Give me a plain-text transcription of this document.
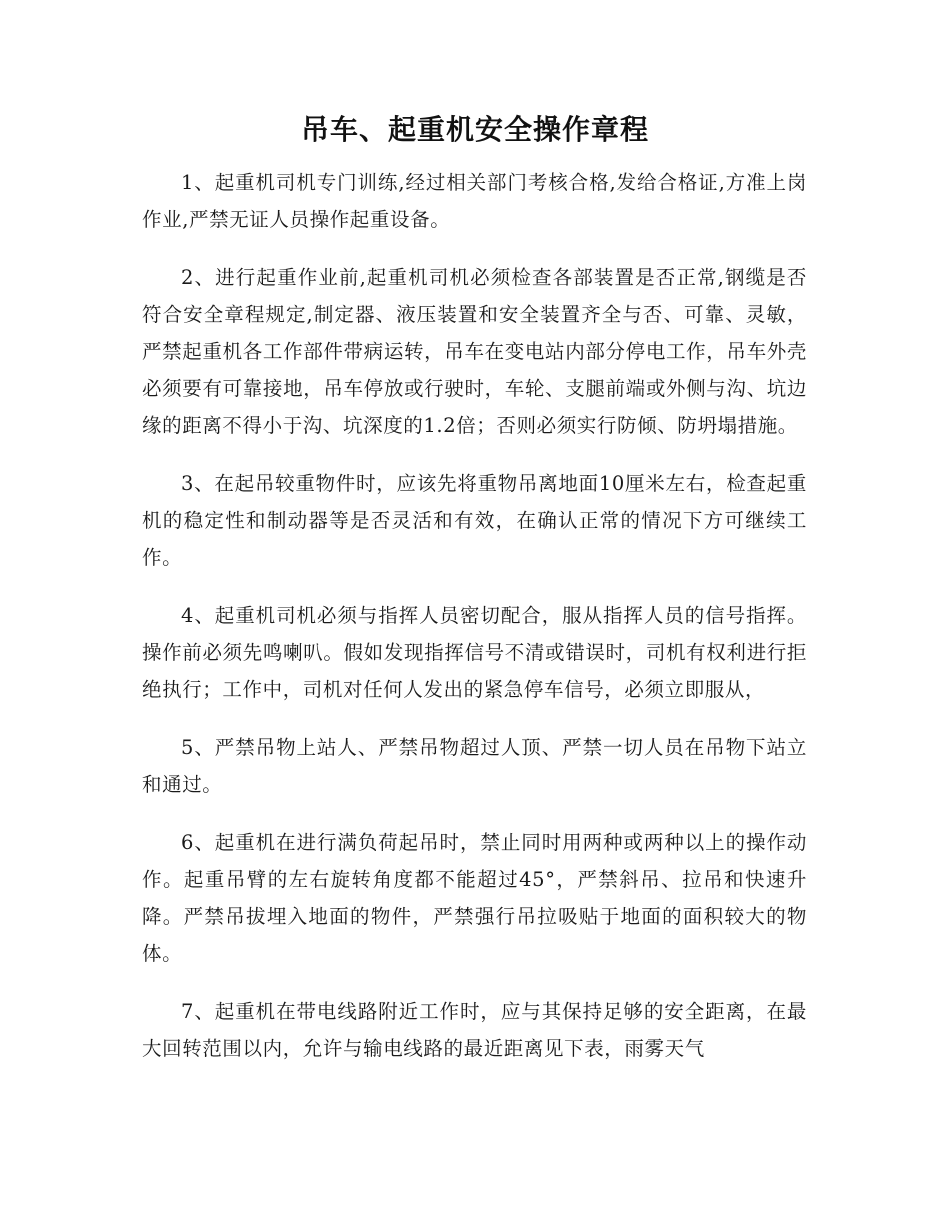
吊车、起重机安全操作章程

1、起重机司机专门训练,经过相关部门考核合格,发给合格证,方准上岗作业,严禁无证人员操作起重设备。

2、进行起重作业前,起重机司机必须检查各部装置是否正常,钢缆是否符合安全章程规定,制定器、液压装置和安全装置齐全与否、可靠、灵敏，严禁起重机各工作部件带病运转，吊车在变电站内部分停电工作，吊车外壳必须要有可靠接地，吊车停放或行驶时，车轮、支腿前端或外侧与沟、坑边缘的距离不得小于沟、坑深度的1.2倍；否则必须实行防倾、防坍塌措施。

3、在起吊较重物件时，应该先将重物吊离地面10厘米左右，检查起重机的稳定性和制动器等是否灵活和有效，在确认正常的情况下方可继续工作。

4、起重机司机必须与指挥人员密切配合，服从指挥人员的信号指挥。操作前必须先鸣喇叭。假如发现指挥信号不清或错误时，司机有权利进行拒绝执行；工作中，司机对任何人发出的紧急停车信号，必须立即服从，

5、严禁吊物上站人、严禁吊物超过人顶、严禁一切人员在吊物下站立和通过。

6、起重机在进行满负荷起吊时，禁止同时用两种或两种以上的操作动作。起重吊臂的左右旋转角度都不能超过45°，严禁斜吊、拉吊和快速升降。严禁吊拔埋入地面的物件，严禁强行吊拉吸贴于地面的面积较大的物体。

7、起重机在带电线路附近工作时，应与其保持足够的安全距离，在最大回转范围以内，允许与输电线路的最近距离见下表，雨雾天气
